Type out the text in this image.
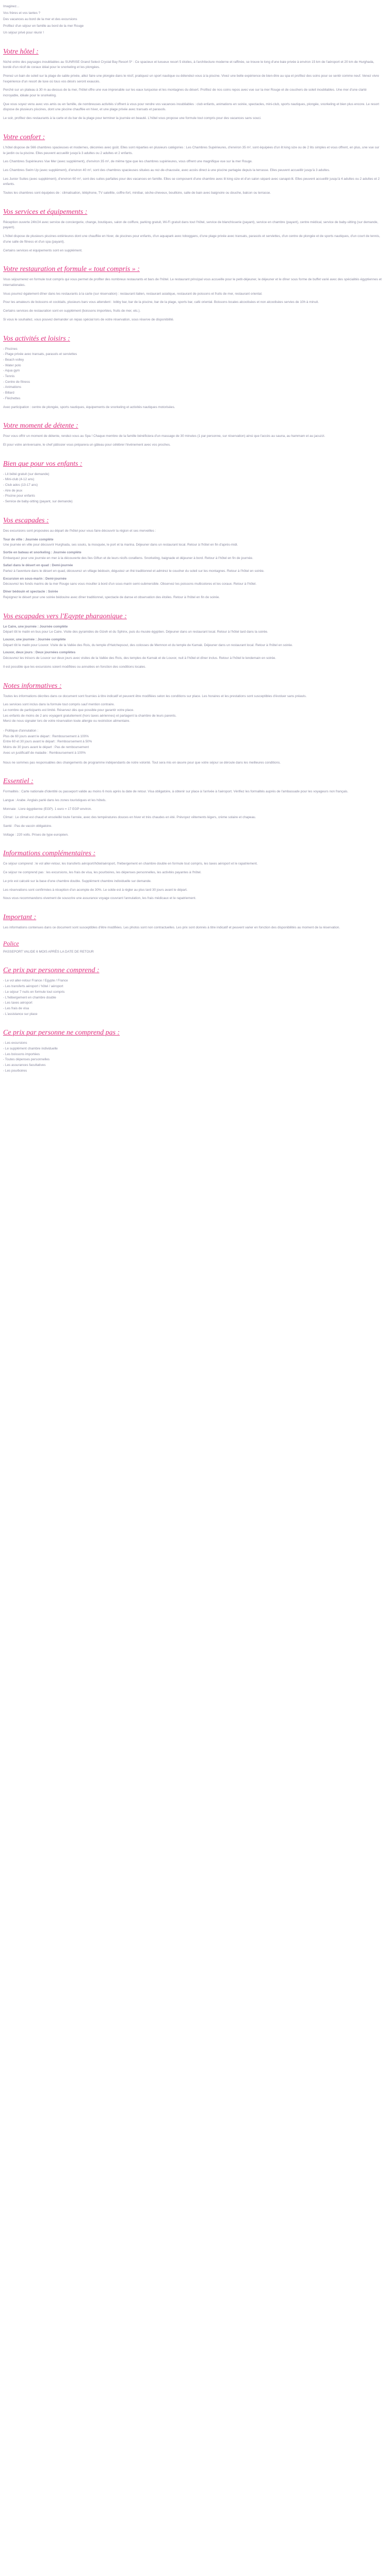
Imaginez...

Vos frères et vos tantes ?

Des vacances au bord de la mer et des excursions

Profitez d'un séjour en famille au bord de la mer Rouge

Un séjour privé pour réunir !

Votre hôtel :

Niché entre des paysages inoubliables au SUNRISE Grand Select Crystal Bay Resort 5* : Ce spacieux et luxueux resort 5 étoiles, à l'architecture moderne et raffinée, se trouve le long d'une baie privée à environ 15 km de l'aéroport et 20 km de Hurghada, bordé d'un récif de coraux idéal pour le snorkeling et les plongées.

Prenez un bain de soleil sur la plage de sable privée, allez faire une plongée dans le récif, pratiquez un sport nautique ou détendez-vous à la piscine. Vivez une belle expérience de bien-être au spa et profitez des soins pour se sentir comme neuf. Venez vivre l'expérience d'un resort de luxe où tous vos désirs seront exaucés.

Perché sur un plateau à 30 m au-dessus de la mer, l'hôtel offre une vue imprenable sur les eaux turquoise et les montagnes du désert. Profitez de nos coins repos avec vue sur la mer Rouge et de couchers de soleil inoubliables. Une mer d'une clarté incroyable, idéale pour le snorkeling.

Que vous soyez venu avec vos amis ou en famille, de nombreuses activités s'offrent à vous pour rendre vos vacances inoubliables : club enfants, animations en soirée, spectacles, mini-club, sports nautiques, plongée, snorkeling et bien plus encore. Le resort dispose de plusieurs piscines, dont une piscine chauffée en hiver, et une plage privée avec transats et parasols.

Le soir, profitez des restaurants à la carte et du bar de la plage pour terminer la journée en beauté. L'hôtel vous propose une formule tout compris pour des vacances sans souci.

Votre confort :

L'hôtel dispose de 566 chambres spacieuses et modernes, décorées avec goût. Elles sont réparties en plusieurs catégories : Les Chambres Supérieures, d'environ 35 m², sont équipées d'un lit king size ou de 2 lits simples et vous offrent, en plus, une vue sur le jardin ou la piscine. Elles peuvent accueillir jusqu'à 3 adultes ou 2 adultes et 2 enfants.

Les Chambres Supérieures Vue Mer (avec supplément), d'environ 35 m², de même type que les chambres supérieures, vous offrent une magnifique vue sur la mer Rouge.

Les Chambres Swim Up (avec supplément), d'environ 40 m², sont des chambres spacieuses situées au rez-de-chaussée, avec accès direct à une piscine partagée depuis la terrasse. Elles peuvent accueillir jusqu'à 3 adultes.

Les Junior Suites (avec supplément), d'environ 60 m², sont des suites parfaites pour des vacances en famille. Elles se composent d'une chambre avec lit king size et d'un salon séparé avec canapé-lit. Elles peuvent accueillir jusqu'à 4 adultes ou 2 adultes et 2 enfants.

Toutes les chambres sont équipées de : climatisation, téléphone, TV satellite, coffre-fort, minibar, sèche-cheveux, bouilloire, salle de bain avec baignoire ou douche, balcon ou terrasse.

Vos services et équipements :

Réception ouverte 24h/24 avec service de conciergerie, change, boutiques, salon de coiffure, parking gratuit, Wi-Fi gratuit dans tout l'hôtel, service de blanchisserie (payant), service en chambre (payant), centre médical, service de baby-sitting (sur demande, payant).

L'hôtel dispose de plusieurs piscines extérieures dont une chauffée en hiver, de piscines pour enfants, d'un aquapark avec toboggans, d'une plage privée avec transats, parasols et serviettes, d'un centre de plongée et de sports nautiques, d'un court de tennis, d'une salle de fitness et d'un spa (payant).

Certains services et équipements sont en supplément.

Votre restauration et formule « tout compris » :

Vous séjournerez en formule tout compris qui vous permet de profiter des nombreux restaurants et bars de l'hôtel. Le restaurant principal vous accueille pour le petit-déjeuner, le déjeuner et le dîner sous forme de buffet varié avec des spécialités égyptiennes et internationales.

Vous pourrez également dîner dans les restaurants à la carte (sur réservation) : restaurant italien, restaurant asiatique, restaurant de poissons et fruits de mer, restaurant oriental.

Pour les amateurs de boissons et cocktails, plusieurs bars vous attendent : lobby bar, bar de la piscine, bar de la plage, sports bar, café oriental. Boissons locales alcoolisées et non alcoolisées servies de 10h à minuit.

Certains services de restauration sont en supplément (boissons importées, fruits de mer, etc.).

Si vous le souhaitez, vous pouvez demander un repas spécial lors de votre réservation, sous réserve de disponibilité.

Vos activités et loisirs :
- Piscines
- Plage privée avec transats, parasols et serviettes
- Beach volley
- Water polo
- Aqua gym
- Tennis
- Centre de fitness
- Animations
- Billard
- Fléchettes

Avec participation : centre de plongée, sports nautiques, équipements de snorkeling et activités nautiques motorisées.

Votre moment de détente :

Pour vous offrir un moment de détente, rendez-vous au Spa ! Chaque membre de la famille bénéficiera d'un massage de 30 minutes (1 par personne, sur réservation) ainsi que l'accès au sauna, au hammam et au jacuzzi.

Et pour votre anniversaire, le chef pâtissier vous préparera un gâteau pour célébrer l'événement avec vos proches.

Bien que pour vos enfants :
- Lit bébé gratuit (sur demande)
- Mini-club (4-12 ans)
- Club ados (13-17 ans)
- Aire de jeux
- Piscine pour enfants
- Service de baby-sitting (payant, sur demande)
Vos escapades :

Des excursions sont proposées au départ de l'hôtel pour vous faire découvrir la région et ses merveilles :

Tour de ville : Journée complète

Une journée en ville pour découvrir Hurghada, ses souks, la mosquée, le port et la marina. Déjeuner dans un restaurant local. Retour à l'hôtel en fin d'après-midi.

Sortie en bateau et snorkeling : Journée complète

Embarquez pour une journée en mer à la découverte des îles Giftun et de leurs récifs coralliens. Snorkeling, baignade et déjeuner à bord. Retour à l'hôtel en fin de journée.

Safari dans le désert en quad : Demi-journée

Partez à l'aventure dans le désert en quad, découvrez un village bédouin, dégustez un thé traditionnel et admirez le coucher du soleil sur les montagnes. Retour à l'hôtel en soirée.

Excursion en sous-marin : Demi-journée

Découvrez les fonds marins de la mer Rouge sans vous mouiller à bord d'un sous-marin semi-submersible. Observez les poissons multicolores et les coraux. Retour à l'hôtel.

Dîner bédouin et spectacle : Soirée

Rejoignez le désert pour une soirée bédouine avec dîner traditionnel, spectacle de danse et observation des étoiles. Retour à l'hôtel en fin de soirée.

Vos escapades vers l'Egypte pharaonique :
Le Caire, une journée : Journée complète

Départ tôt le matin en bus pour Le Caire. Visite des pyramides de Gizeh et du Sphinx, puis du musée égyptien. Déjeuner dans un restaurant local. Retour à l'hôtel tard dans la soirée.

Louxor, une journée : Journée complète

Départ tôt le matin pour Louxor. Visite de la Vallée des Rois, du temple d'Hatchepsout, des colosses de Memnon et du temple de Karnak. Déjeuner dans un restaurant local. Retour à l'hôtel en soirée.

Louxor, deux jours : Deux journées complètes

Découvrez les trésors de Louxor sur deux jours avec visites de la Vallée des Rois, des temples de Karnak et de Louxor, nuit à l'hôtel et dîner inclus. Retour à l'hôtel le lendemain en soirée.

Il est possible que les excursions soient modifiées ou annulées en fonction des conditions locales.

Notes informatives :

Toutes les informations décrites dans ce document sont fournies à titre indicatif et peuvent être modifiées selon les conditions sur place. Les horaires et les prestations sont susceptibles d'évoluer sans préavis.

Les services sont inclus dans la formule tout compris sauf mention contraire.

Le nombre de participants est limité. Réservez dès que possible pour garantir votre place.

Les enfants de moins de 2 ans voyagent gratuitement (hors taxes aériennes) et partagent la chambre de leurs parents.

Merci de nous signaler lors de votre réservation toute allergie ou restriction alimentaire.

- Politique d'annulation :

Plus de 60 jours avant le départ : Remboursement à 100%

Entre 60 et 30 jours avant le départ : Remboursement à 50%

Moins de 30 jours avant le départ : Pas de remboursement

Avec un justificatif de maladie : Remboursement à 100%

Nous ne sommes pas responsables des changements de programme indépendants de notre volonté. Tout sera mis en œuvre pour que votre séjour se déroule dans les meilleures conditions.

Essentiel :

Formalités : Carte nationale d'identité ou passeport valide au moins 6 mois après la date de retour. Visa obligatoire, à obtenir sur place à l'arrivée à l'aéroport. Vérifiez les formalités auprès de l'ambassade pour les voyageurs non français.

Langue : Arabe. Anglais parlé dans les zones touristiques et les hôtels.

Monnaie : Livre égyptienne (EGP). 1 euro = 17 EGP environ.

Climat : Le climat est chaud et ensoleillé toute l'année, avec des températures douces en hiver et très chaudes en été. Prévoyez vêtements légers, crème solaire et chapeau.

Santé : Pas de vaccin obligatoire.

Voltage : 220 volts. Prises de type européen.

Informations complémentaires :

Ce séjour comprend : le vol aller-retour, les transferts aéroport/hôtel/aéroport, l'hébergement en chambre double en formule tout compris, les taxes aéroport et le rapatriement.

Ce séjour ne comprend pas : les excursions, les frais de visa, les pourboires, les dépenses personnelles, les activités payantes à l'hôtel.

Le prix est calculé sur la base d'une chambre double. Supplément chambre individuelle sur demande.

Les réservations sont confirmées à réception d'un acompte de 30%. Le solde est à régler au plus tard 30 jours avant le départ.

Nous vous recommandons vivement de souscrire une assurance voyage couvrant l'annulation, les frais médicaux et le rapatriement.

Important :

Les informations contenues dans ce document sont susceptibles d'être modifiées. Les photos sont non contractuelles. Les prix sont donnés à titre indicatif et peuvent varier en fonction des disponibilités au moment de la réservation.

Police

PASSEPORT VALIDE 6 MOIS APRÈS LA DATE DE RETOUR

Ce prix par personne comprend :
- Le vol aller-retour France / Egypte / France
- Les transferts aéroport / hôtel / aéroport
- Le séjour 7 nuits en formule tout compris
- L'hébergement en chambre double
- Les taxes aéroport
- Les frais de visa
- L'assistance sur place
Ce prix par personne ne comprend pas :
- Les excursions
- Le supplément chambre individuelle
- Les boissons importées
- Toutes dépenses personnelles
- Les assurances facultatives
- Les pourboires
